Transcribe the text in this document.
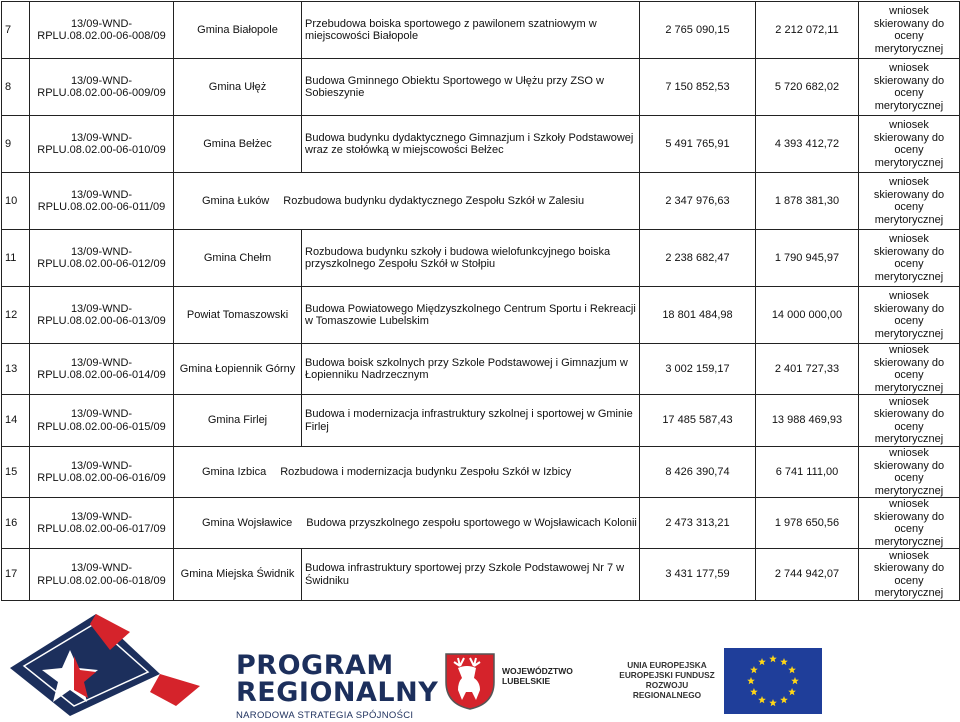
7	13/09-WND-RPLU.08.02.00-06-008/09	Gmina Białopole	Przebudowa boiska sportowego z pawilonem szatniowym w miejscowości Białopole	2 765 090,15	2 212 072,11	wniosek skierowany do oceny merytorycznej
8	13/09-WND-RPLU.08.02.00-06-009/09	Gmina Ułęż	Budowa Gminnego Obiektu Sportowego w Ułężu przy ZSO w Sobieszynie	7 150 852,53	5 720 682,02	wniosek skierowany do oceny merytorycznej
9	13/09-WND-RPLU.08.02.00-06-010/09	Gmina Bełżec	Budowa budynku dydaktycznego Gimnazjum i Szkoły Podstawowej wraz ze stołówką w miejscowości Bełżec	5 491 765,91	4 393 412,72	wniosek skierowany do oceny merytorycznej
10	13/09-WND-RPLU.08.02.00-06-011/09	Gmina Łuków Rozbudowa budynku dydaktycznego Zespołu Szkół w Zalesiu		2 347 976,63	1 878 381,30	wniosek skierowany do oceny merytorycznej
11	13/09-WND-RPLU.08.02.00-06-012/09	Gmina Chełm	Rozbudowa budynku szkoły i budowa wielofunkcyjnego boiska przyszkolnego Zespołu Szkół w Stołpiu	2 238 682,47	1 790 945,97	wniosek skierowany do oceny merytorycznej
12	13/09-WND-RPLU.08.02.00-06-013/09	Powiat Tomaszowski	Budowa Powiatowego Międzyszkolnego Centrum Sportu i Rekreacji w Tomaszowie Lubelskim	18 801 484,98	14 000 000,00	wniosek skierowany do oceny merytorycznej
13	13/09-WND-RPLU.08.02.00-06-014/09	Gmina Łopiennik Górny	Budowa boisk szkolnych przy Szkole Podstawowej i Gimnazjum w Łopienniku Nadrzecznym	3 002 159,17	2 401 727,33	wniosek skierowany do oceny merytorycznej
14	13/09-WND-RPLU.08.02.00-06-015/09	Gmina Firlej	Budowa i modernizacja infrastruktury szkolnej i sportowej w Gminie Firlej	17 485 587,43	13 988 469,93	wniosek skierowany do oceny merytorycznej
15	13/09-WND-RPLU.08.02.00-06-016/09	Gmina Izbica Rozbudowa i modernizacja budynku Zespołu Szkół w Izbicy		8 426 390,74	6 741 111,00	wniosek skierowany do oceny merytorycznej
16	13/09-WND-RPLU.08.02.00-06-017/09	Gmina Wojsławice Budowa przyszkolnego zespołu sportowego w Wojsławicach Kolonii		2 473 313,21	1 978 650,56	wniosek skierowany do oceny merytorycznej
17	13/09-WND-RPLU.08.02.00-06-018/09	Gmina Miejska Świdnik	Budowa infrastruktury sportowej przy Szkole Podstawowej Nr 7 w Świdniku	3 431 177,59	2 744 942,07	wniosek skierowany do oceny merytorycznej
PROGRAM
REGIONALNY
NARODOWA STRATEGIA SPÓJNOŚCI
WOJEWÓDZTWO
LUBELSKIE
UNIA EUROPEJSKA
EUROPEJSKI FUNDUSZ
ROZWOJU REGIONALNEGO
